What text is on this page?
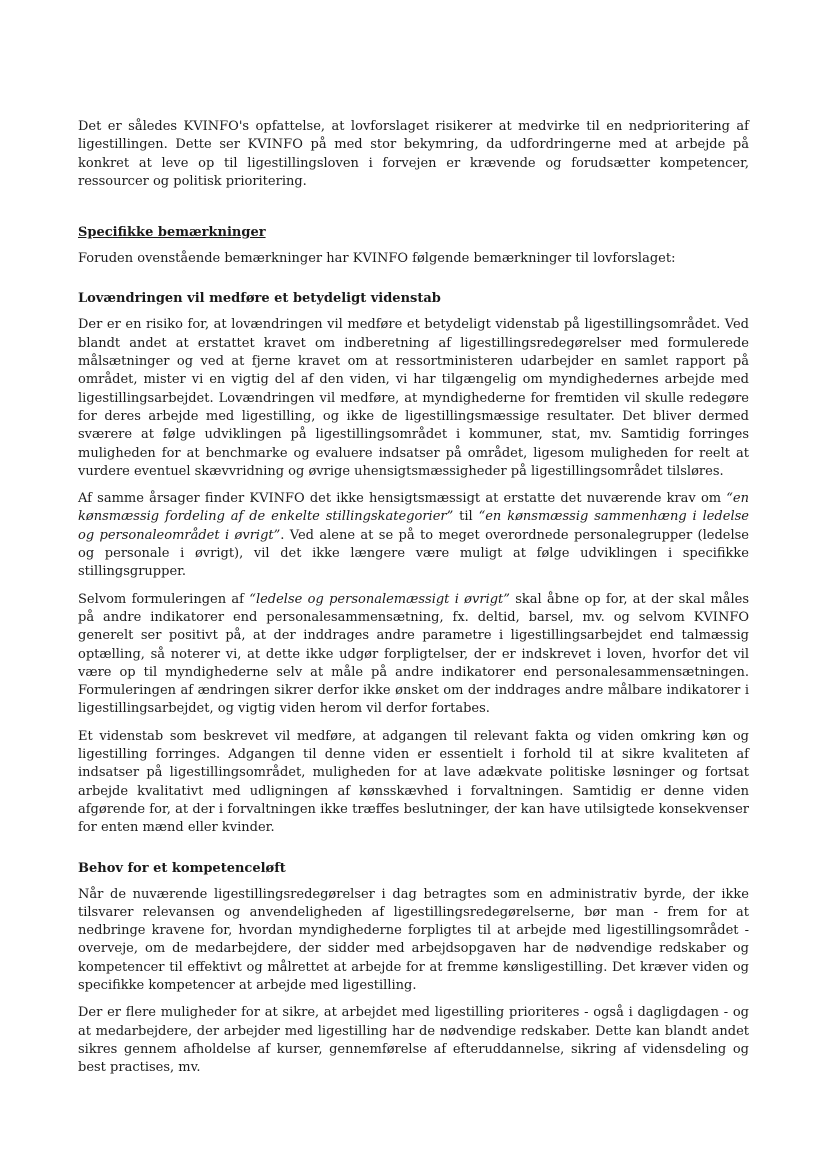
Det er således KVINFO's opfattelse, at lovforslaget risikerer at medvirke til en nedprioritering af ligestillingen. Dette ser KVINFO på med stor bekymring, da udfordringerne med at arbejde på konkret at leve op til ligestillingsloven i forvejen er krævende og forudsætter kompetencer, ressourcer og politisk prioritering.

Specifikke bemærkninger

Foruden ovenstående bemærkninger har KVINFO følgende bemærkninger til lovforslaget:

Lovændringen vil medføre et betydeligt videnstab

Der er en risiko for, at lovændringen vil medføre et betydeligt videnstab på ligestillingsområdet. Ved blandt andet at erstattet kravet om indberetning af ligestillingsredegørelser med formulerede målsætninger og ved at fjerne kravet om at ressortministeren udarbejder en samlet rapport på området, mister vi en vigtig del af den viden, vi har tilgængelig om myndighedernes arbejde med ligestillingsarbejdet. Lovændringen vil medføre, at myndighederne for fremtiden vil skulle redegøre for deres arbejde med ligestilling, og ikke de ligestillingsmæssige resultater. Det bliver dermed sværere at følge udviklingen på ligestillingsområdet i kommuner, stat, mv. Samtidig forringes muligheden for at benchmarke og evaluere indsatser på området, ligesom muligheden for reelt at vurdere eventuel skævvridning og øvrige uhensigtsmæssigheder på ligestillingsområdet tilsløres.

Af samme årsager finder KVINFO det ikke hensigtsmæssigt at erstatte det nuværende krav om “en kønsmæssig fordeling af de enkelte stillingskategorier” til “en kønsmæssig sammenhæng i ledelse og personaleområdet i øvrigt”. Ved alene at se på to meget overordnede personalegrupper (ledelse og personale i øvrigt), vil det ikke længere være muligt at følge udviklingen i specifikke stillingsgrupper.

Selvom formuleringen af “ledelse og personalemæssigt i øvrigt” skal åbne op for, at der skal måles på andre indikatorer end personalesammensætning, fx. deltid, barsel, mv. og selvom KVINFO generelt ser positivt på, at der inddrages andre parametre i ligestillingsarbejdet end talmæssig optælling, så noterer vi, at dette ikke udgør forpligtelser, der er indskrevet i loven, hvorfor det vil være op til myndighederne selv at måle på andre indikatorer end personalesammensætningen. Formuleringen af ændringen sikrer derfor ikke ønsket om der inddrages andre målbare indikatorer i ligestillingsarbejdet, og vigtig viden herom vil derfor fortabes.

Et videnstab som beskrevet vil medføre, at adgangen til relevant fakta og viden omkring køn og ligestilling forringes. Adgangen til denne viden er essentielt i forhold til at sikre kvaliteten af indsatser på ligestillingsområdet, muligheden for at lave adækvate politiske løsninger og fortsat arbejde kvalitativt med udligningen af kønsskævhed i forvaltningen. Samtidig er denne viden afgørende for, at der i forvaltningen ikke træffes beslutninger, der kan have utilsigtede konsekvenser for enten mænd eller kvinder.

Behov for et kompetenceløft

Når de nuværende ligestillingsredegørelser i dag betragtes som en administrativ byrde, der ikke tilsvarer relevansen og anvendeligheden af ligestillingsredegørelserne, bør man - frem for at nedbringe kravene for, hvordan myndighederne forpligtes til at arbejde med ligestillingsområdet - overveje, om de medarbejdere, der sidder med arbejdsopgaven har de nødvendige redskaber og kompetencer til effektivt og målrettet at arbejde for at fremme kønsligestilling. Det kræver viden og specifikke kompetencer at arbejde med ligestilling.

Der er flere muligheder for at sikre, at arbejdet med ligestilling prioriteres - også i dagligdagen - og at medarbejdere, der arbejder med ligestilling har de nødvendige redskaber. Dette kan blandt andet sikres gennem afholdelse af kurser, gennemførelse af efteruddannelse, sikring af vidensdeling og best practises, mv.
